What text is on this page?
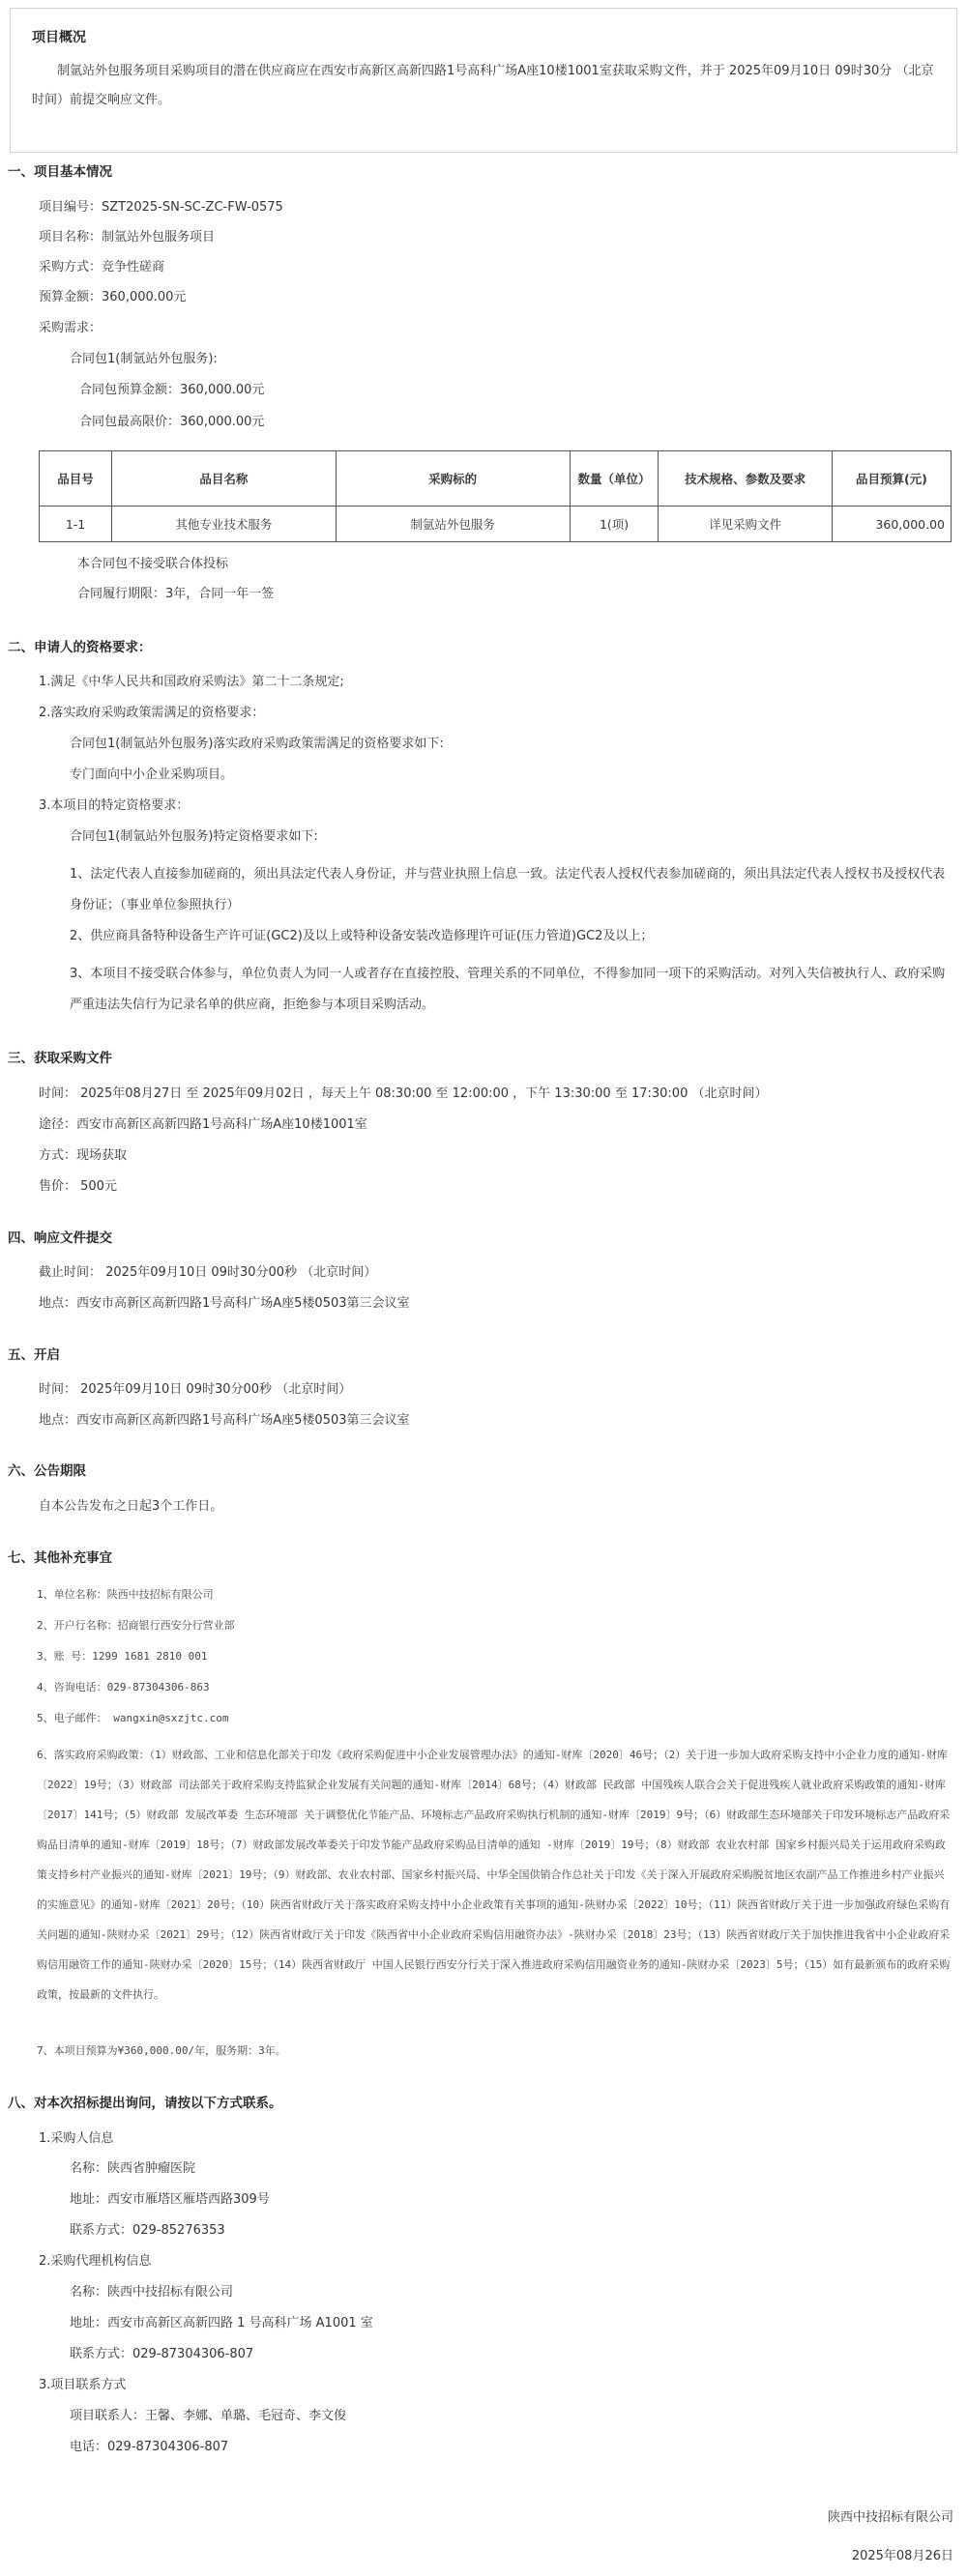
项目概况
制氩站外包服务项目采购项目的潜在供应商应在西安市高新区高新四路1号高科广场A座10楼1001室获取采购文件，并于 2025年09月10日 09时30分 （北京时间）前提交响应文件。
一、项目基本情况
项目编号：SZT2025-SN-SC-ZC-FW-0575
项目名称：制氩站外包服务项目
采购方式：竞争性磋商
预算金额：360,000.00元
采购需求：
合同包1(制氩站外包服务):
合同包预算金额：360,000.00元
合同包最高限价：360,000.00元
品目号	品目名称	采购标的	数量（单位）	技术规格、参数及要求	品目预算(元)
1-1	其他专业技术服务	制氩站外包服务	1(项)	详见采购文件	360,000.00
本合同包不接受联合体投标
合同履行期限：3年，合同一年一签
二、申请人的资格要求：
1.满足《中华人民共和国政府采购法》第二十二条规定;
2.落实政府采购政策需满足的资格要求：
合同包1(制氩站外包服务)落实政府采购政策需满足的资格要求如下:
专门面向中小企业采购项目。
3.本项目的特定资格要求：
合同包1(制氩站外包服务)特定资格要求如下:
1、法定代表人直接参加磋商的，须出具法定代表人身份证，并与营业执照上信息一致。法定代表人授权代表参加磋商的，须出具法定代表人授权书及授权代表身份证；（事业单位参照执行）
2、供应商具备特种设备生产许可证(GC2)及以上或特种设备安装改造修理许可证(压力管道)GC2及以上；
3、本项目不接受联合体参与，单位负责人为同一人或者存在直接控股、管理关系的不同单位，不得参加同一项下的采购活动。对列入失信被执行人、政府采购严重违法失信行为记录名单的供应商，拒绝参与本项目采购活动。
三、获取采购文件
时间： 2025年08月27日 至 2025年09月02日 ，每天上午 08:30:00 至 12:00:00 ，下午 13:30:00 至 17:30:00 （北京时间）
途径：西安市高新区高新四路1号高科广场A座10楼1001室
方式：现场获取
售价： 500元
四、响应文件提交
截止时间： 2025年09月10日 09时30分00秒 （北京时间）
地点：西安市高新区高新四路1号高科广场A座5楼0503第三会议室
五、开启
时间： 2025年09月10日 09时30分00秒 （北京时间）
地点：西安市高新区高新四路1号高科广场A座5楼0503第三会议室
六、公告期限
自本公告发布之日起3个工作日。
七、其他补充事宜
1、单位名称：陕西中技招标有限公司
2、开户行名称：招商银行西安分行营业部
3、账 号：1299 1681 2810 001
4、咨询电话：029-87304306-863
5、电子邮件： wangxin@sxzjtc.com
6、落实政府采购政策：（1）财政部、工业和信息化部关于印发《政府采购促进中小企业发展管理办法》的通知-财库〔2020〕46号；（2）关于进一步加大政府采购支持中小企业力度的通知-财库〔2022〕19号；（3）财政部 司法部关于政府采购支持监狱企业发展有关问题的通知-财库〔2014〕68号；（4）财政部 民政部 中国残疾人联合会关于促进残疾人就业政府采购政策的通知-财库〔2017〕141号；（5）财政部 发展改革委 生态环境部 关于调整优化节能产品、环境标志产品政府采购执行机制的通知-财库〔2019〕9号；（6）财政部生态环境部关于印发环境标志产品政府采购品目清单的通知-财库〔2019〕18号；（7）财政部发展改革委关于印发节能产品政府采购品目清单的通知 -财库〔2019〕19号；（8）财政部 农业农村部 国家乡村振兴局关于运用政府采购政策支持乡村产业振兴的通知-财库〔2021〕19号；（9）财政部、农业农村部、国家乡村振兴局、中华全国供销合作总社关于印发《关于深入开展政府采购脱贫地区农副产品工作推进乡村产业振兴的实施意见》的通知-财库〔2021〕20号；（10）陕西省财政厅关于落实政府采购支持中小企业政策有关事项的通知-陕财办采〔2022〕10号；（11）陕西省财政厅关于进一步加强政府绿色采购有关问题的通知-陕财办采〔2021〕29号；（12）陕西省财政厅关于印发《陕西省中小企业政府采购信用融资办法》-陕财办采〔2018〕23号；（13）陕西省财政厅关于加快推进我省中小企业政府采购信用融资工作的通知-陕财办采〔2020〕15号；（14）陕西省财政厅 中国人民银行西安分行关于深入推进政府采购信用融资业务的通知-陕财办采〔2023〕5号；（15）如有最新颁布的政府采购政策，按最新的文件执行。
7、本项目预算为¥360,000.00/年，服务期：3年。
八、对本次招标提出询问，请按以下方式联系。
1.采购人信息
名称：陕西省肿瘤医院
地址：西安市雁塔区雁塔西路309号
联系方式：029-85276353
2.采购代理机构信息
名称：陕西中技招标有限公司
地址：西安市高新区高新四路 1 号高科广场 A1001 室
联系方式：029-87304306-807
3.项目联系方式
项目联系人：王馨、李娜、单璐、毛冠奇、李文俊
电话：029-87304306-807
陕西中技招标有限公司
2025年08月26日
